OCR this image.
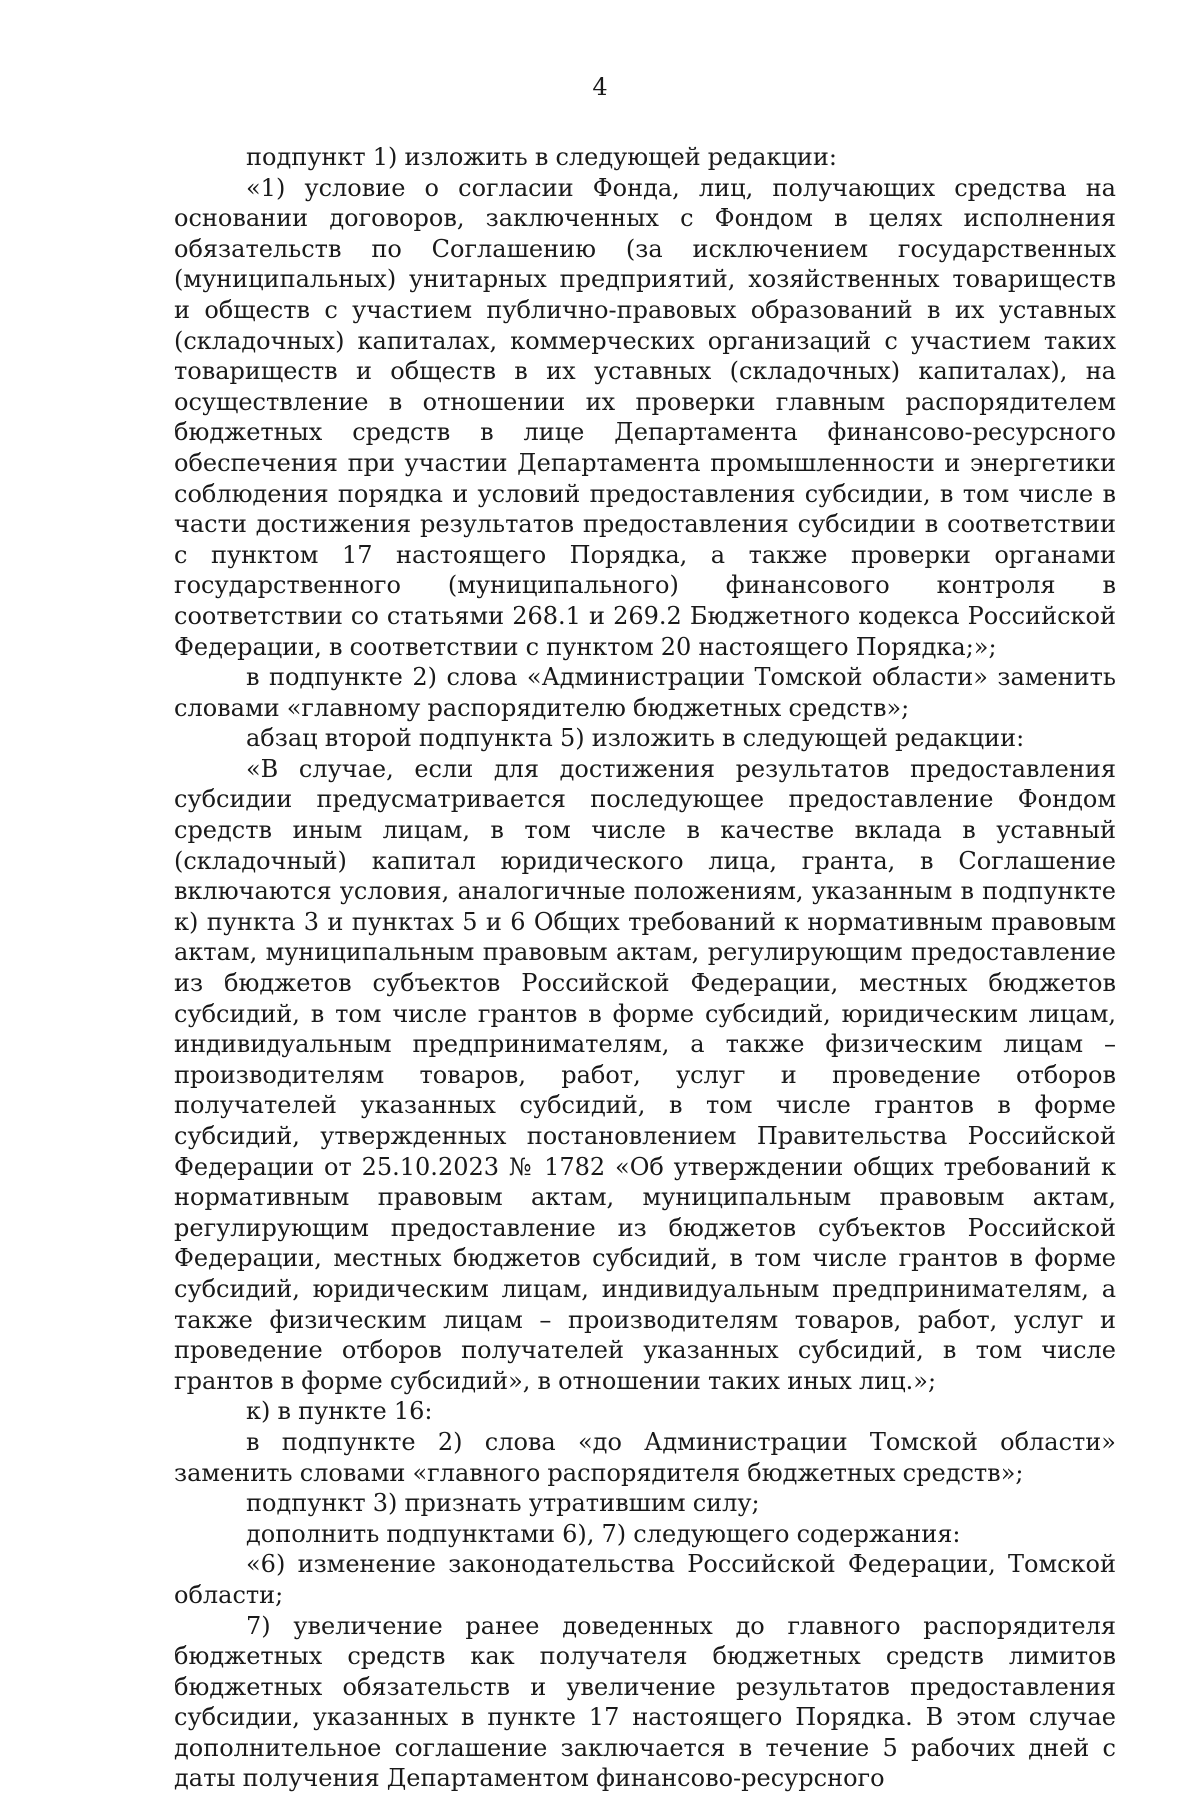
4

подпункт 1) изложить в следующей редакции:

«1) условие о согласии Фонда, лиц, получающих средства на основании договоров, заключенных с Фондом в целях исполнения обязательств по Соглашению (за исключением государственных (муниципальных) унитарных предприятий, хозяйственных товариществ и обществ с участием публично-правовых образований в их уставных (складочных) капиталах, коммерческих организаций с участием таких товариществ и обществ в их уставных (складочных) капиталах), на осуществление в отношении их проверки главным распорядителем бюджетных средств в лице Департамента финансово-ресурсного обеспечения при участии Департамента промышленности и энергетики соблюдения порядка и условий предоставления субсидии, в том числе в части достижения результатов предоставления субсидии в соответствии с пунктом 17 настоящего Порядка, а также проверки органами государственного (муниципального) финансового контроля в соответствии со статьями 268.1 и 269.2 Бюджетного кодекса Российской Федерации, в соответствии с пунктом 20 настоящего Порядка;»;

в подпункте 2) слова «Администрации Томской области» заменить словами «главному распорядителю бюджетных средств»;

абзац второй подпункта 5) изложить в следующей редакции:

«В случае, если для достижения результатов предоставления субсидии предусматривается последующее предоставление Фондом средств иным лицам, в том числе в качестве вклада в уставный (складочный) капитал юридического лица, гранта, в Соглашение включаются условия, аналогичные положениям, указанным в подпункте к) пункта 3 и пунктах 5 и 6 Общих требований к нормативным правовым актам, муниципальным правовым актам, регулирующим предоставление из бюджетов субъектов Российской Федерации, местных бюджетов субсидий, в том числе грантов в форме субсидий, юридическим лицам, индивидуальным предпринимателям, а также физическим лицам – производителям товаров, работ, услуг и проведение отборов получателей указанных субсидий, в том числе грантов в форме субсидий, утвержденных постановлением Правительства Российской Федерации от 25.10.2023 № 1782 «Об утверждении общих требований к нормативным правовым актам, муниципальным правовым актам, регулирующим предоставление из бюджетов субъектов Российской Федерации, местных бюджетов субсидий, в том числе грантов в форме субсидий, юридическим лицам, индивидуальным предпринимателям, а также физическим лицам – производителям товаров, работ, услуг и проведение отборов получателей указанных субсидий, в том числе грантов в форме субсидий», в отношении таких иных лиц.»;

к) в пункте 16:

в подпункте 2) слова «до Администрации Томской области» заменить словами «главного распорядителя бюджетных средств»;

подпункт 3) признать утратившим силу;

дополнить подпунктами 6), 7) следующего содержания:

«6) изменение законодательства Российской Федерации, Томской области;

7) увеличение ранее доведенных до главного распорядителя бюджетных средств как получателя бюджетных средств лимитов бюджетных обязательств и увеличение результатов предоставления субсидии, указанных в пункте 17 настоящего Порядка. В этом случае дополнительное соглашение заключается в течение 5 рабочих дней с даты получения Департаментом финансово-ресурсного
